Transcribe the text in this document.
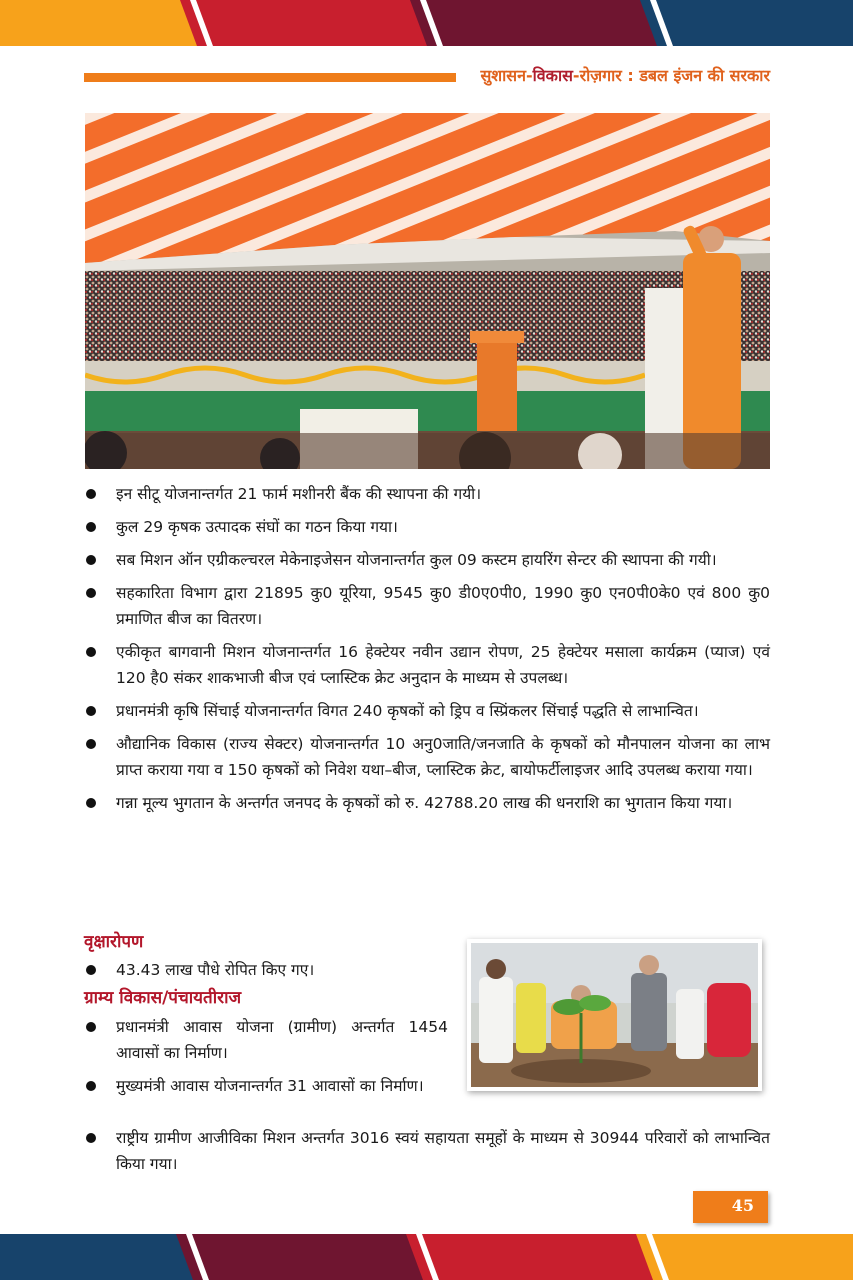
सुशासन-विकास-रोज़गार : डबल इंजन की सरकार
इन सीटू योजनान्तर्गत 21 फार्म मशीनरी बैंक की स्थापना की गयी।
कुल 29 कृषक उत्पादक संघों का गठन किया गया।
सब मिशन ऑन एग्रीकल्चरल मेकेनाइजेसन योजनान्तर्गत कुल 09 कस्टम हायरिंग सेन्टर की स्थापना की गयी।
सहकारिता विभाग द्वारा 21895 कु0 यूरिया, 9545 कु0 डी0ए0पी0, 1990 कु0 एन0पी0के0 एवं 800 कु0 प्रमाणित बीज का वितरण।
एकीकृत बागवानी मिशन योजनान्तर्गत 16 हेक्टेयर नवीन उद्यान रोपण, 25 हेक्टेयर मसाला कार्यक्रम (प्याज) एवं 120 है0 संकर शाकभाजी बीज एवं प्लास्टिक क्रेट अनुदान के माध्यम से उपलब्ध।
प्रधानमंत्री कृषि सिंचाई योजनान्तर्गत विगत 240 कृषकों को ड्रिप व स्प्रिंकलर सिंचाई पद्धति से लाभान्वित।
औद्यानिक विकास (राज्य सेक्टर) योजनान्तर्गत 10 अनु0जाति/जनजाति के कृषकों को मौनपालन योजना का लाभ प्राप्त कराया गया व 150 कृषकों को निवेश यथा–बीज, प्लास्टिक क्रेट, बायोफर्टीलाइजर आदि उपलब्ध कराया गया।
गन्ना मूल्य भुगतान के अन्तर्गत जनपद के कृषकों को रु. 42788.20 लाख की धनराशि का भुगतान किया गया।
वृक्षारोपण
43.43 लाख पौधे रोपित किए गए।
ग्राम्य विकास/पंचायतीराज
प्रधानमंत्री आवास योजना (ग्रामीण) अन्तर्गत 1454 आवासों का निर्माण।
मुख्यमंत्री आवास योजनान्तर्गत 31 आवासों का निर्माण।
राष्ट्रीय ग्रामीण आजीविका मिशन अन्तर्गत 3016 स्वयं सहायता समूहों के माध्यम से 30944 परिवारों को लाभान्वित किया गया।
45
